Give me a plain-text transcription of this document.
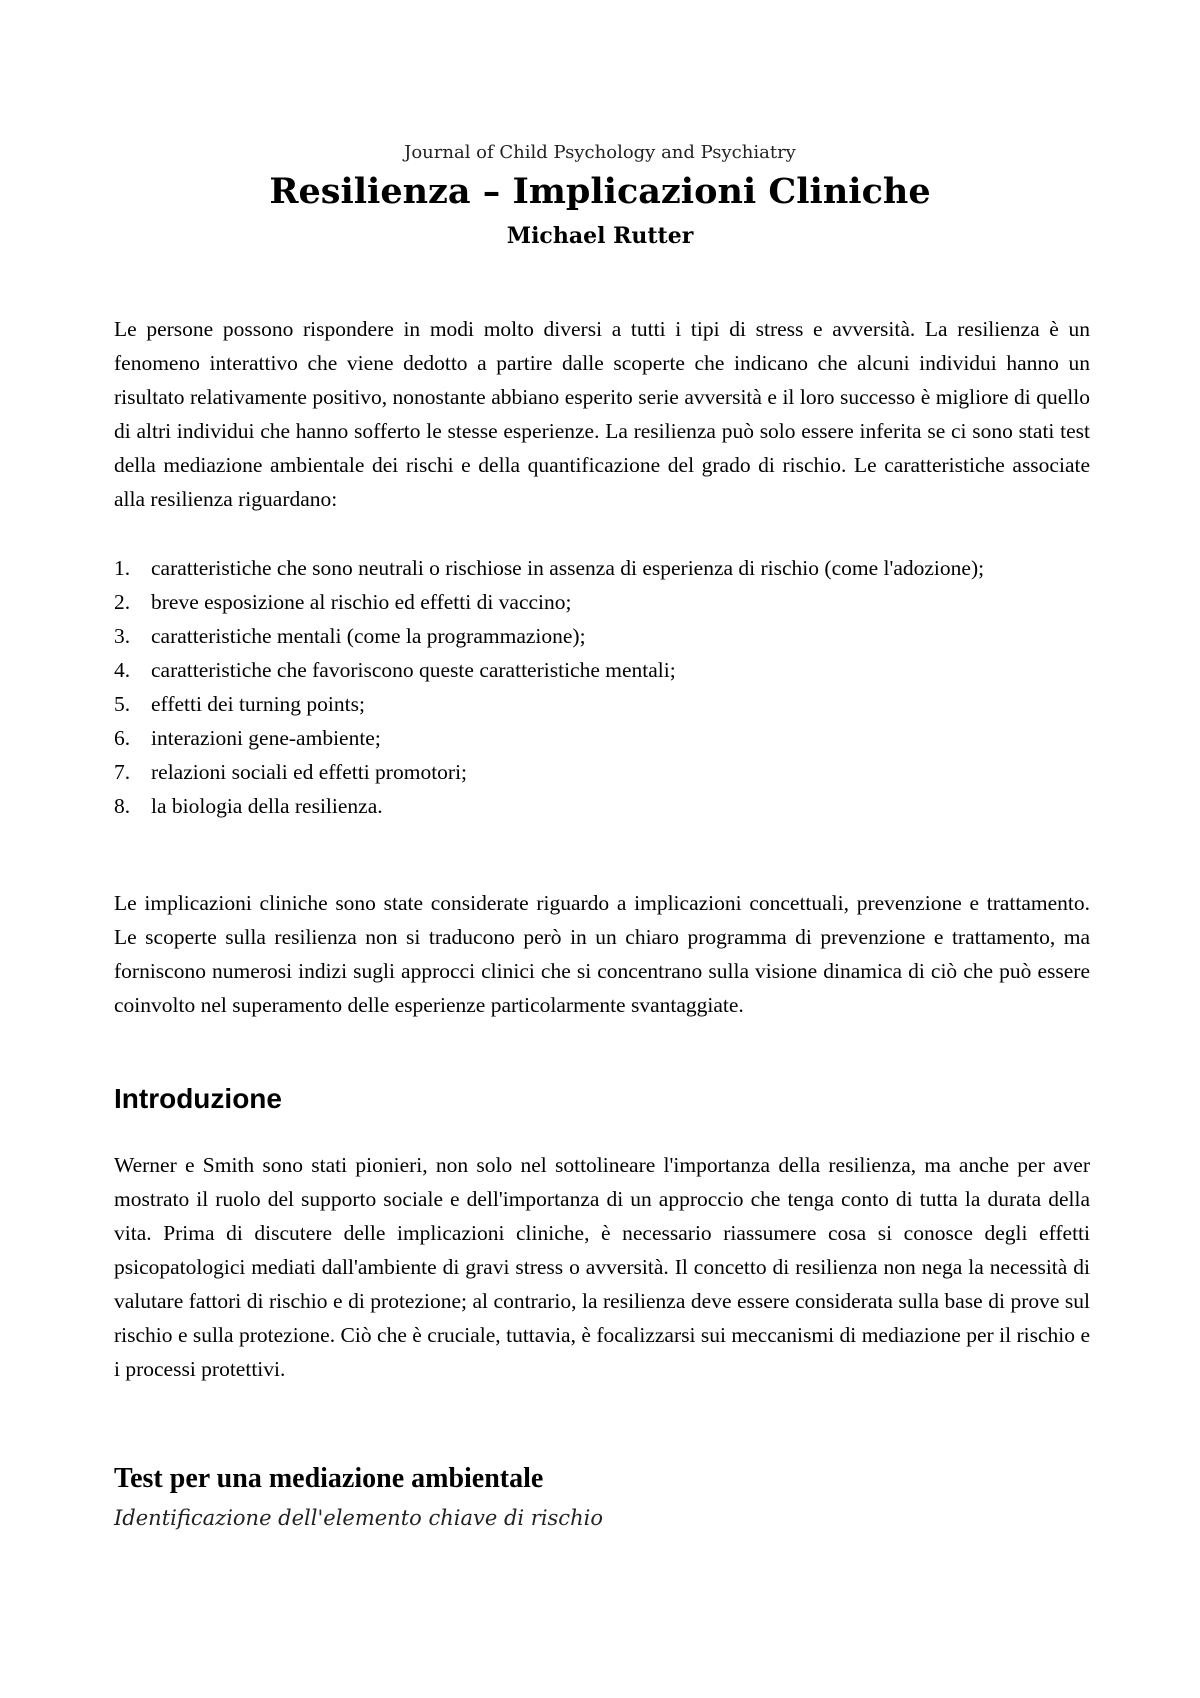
Journal of Child Psychology and Psychiatry
Resilienza – Implicazioni Cliniche
Michael Rutter

Le persone possono rispondere in modi molto diversi a tutti i tipi di stress e avversità. La resilienza è un fenomeno interattivo che viene dedotto a partire dalle scoperte che indicano che alcuni individui hanno un risultato relativamente positivo, nonostante abbiano esperito serie avversità e il loro successo è migliore di quello di altri individui che hanno sofferto le stesse esperienze. La resilienza può solo essere inferita se ci sono stati test della mediazione ambientale dei rischi e della quantificazione del grado di rischio. Le caratteristiche associate alla resilienza riguardano:

1. caratteristiche che sono neutrali o rischiose in assenza di esperienza di rischio (come l'adozione);
2. breve esposizione al rischio ed effetti di vaccino;
3. caratteristiche mentali (come la programmazione);
4. caratteristiche che favoriscono queste caratteristiche mentali;
5. effetti dei turning points;
6. interazioni gene-ambiente;
7. relazioni sociali ed effetti promotori;
8. la biologia della resilienza.

Le implicazioni cliniche sono state considerate riguardo a implicazioni concettuali, prevenzione e trattamento. Le scoperte sulla resilienza non si traducono però in un chiaro programma di prevenzione e trattamento, ma forniscono numerosi indizi sugli approcci clinici che si concentrano sulla visione dinamica di ciò che può essere coinvolto nel superamento delle esperienze particolarmente svantaggiate.

Introduzione

Werner e Smith sono stati pionieri, non solo nel sottolineare l'importanza della resilienza, ma anche per aver mostrato il ruolo del supporto sociale e dell'importanza di un approccio che tenga conto di tutta la durata della vita. Prima di discutere delle implicazioni cliniche, è necessario riassumere cosa si conosce degli effetti psicopatologici mediati dall'ambiente di gravi stress o avversità. Il concetto di resilienza non nega la necessità di valutare fattori di rischio e di protezione; al contrario, la resilienza deve essere considerata sulla base di prove sul rischio e sulla protezione. Ciò che è cruciale, tuttavia, è focalizzarsi sui meccanismi di mediazione per il rischio e i processi protettivi.

Test per una mediazione ambientale
Identificazione dell'elemento chiave di rischio
